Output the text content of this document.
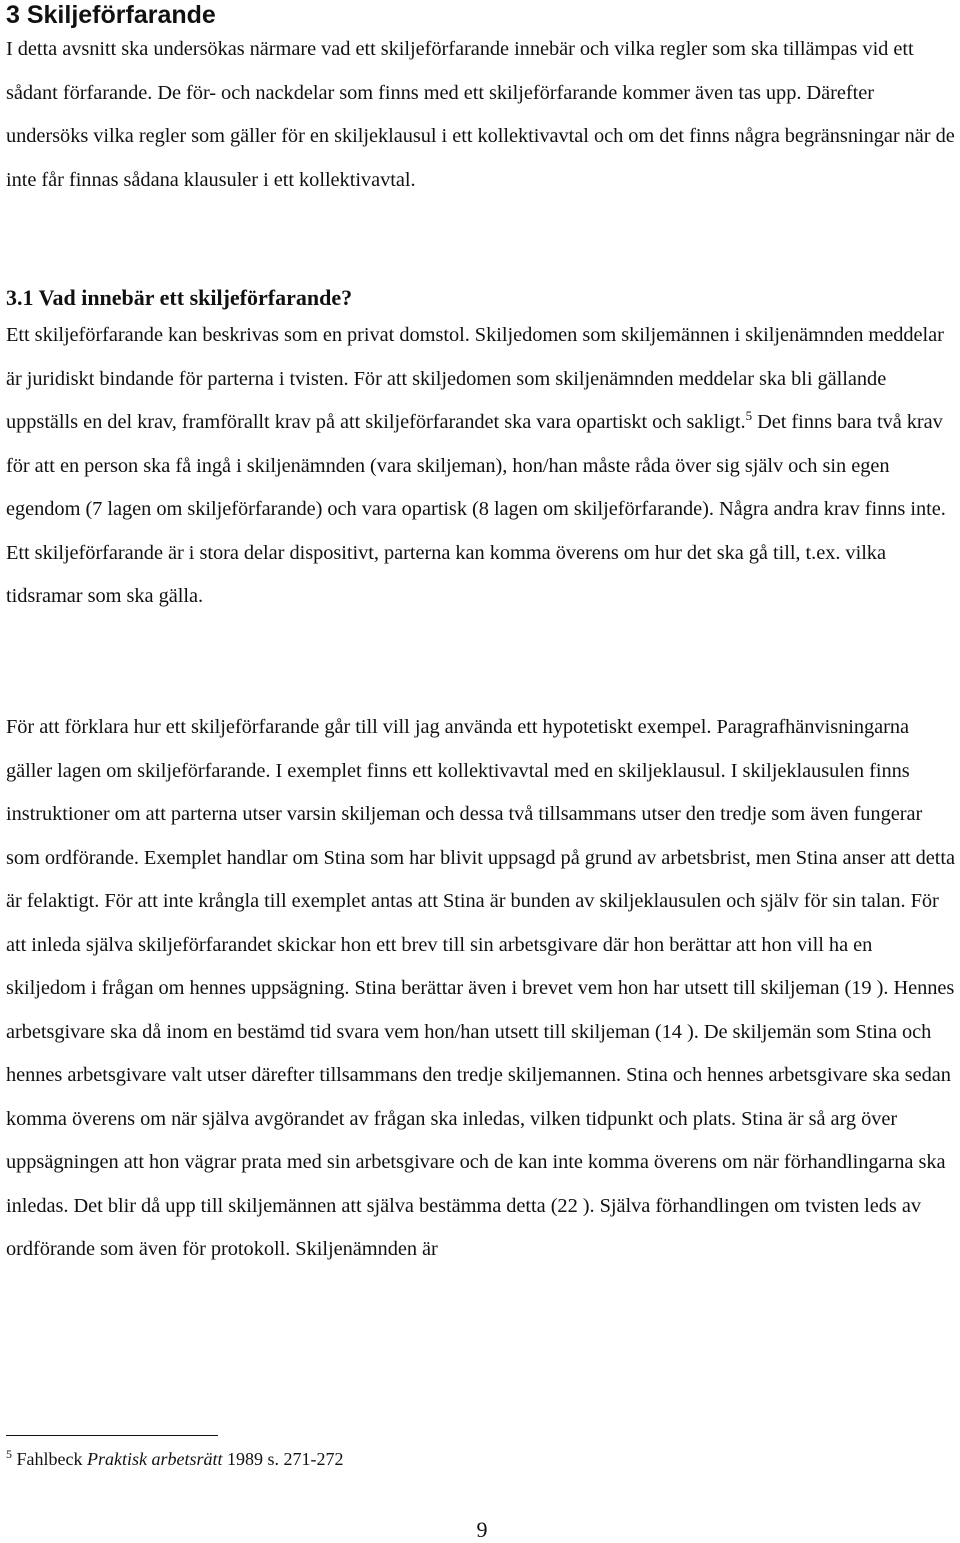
3 Skiljeförfarande

I detta avsnitt ska undersökas närmare vad ett skiljeförfarande innebär och vilka regler som ska tillämpas vid ett sådant förfarande. De för- och nackdelar som finns med ett skiljeförfarande kommer även tas upp. Därefter undersöks vilka regler som gäller för en skiljeklausul i ett kollektivavtal och om det finns några begränsningar när de inte får finnas sådana klausuler i ett kollektivavtal.

3.1 Vad innebär ett skiljeförfarande?

Ett skiljeförfarande kan beskrivas som en privat domstol. Skiljedomen som skiljemännen i skiljenämnden meddelar är juridiskt bindande för parterna i tvisten. För att skiljedomen som skiljenämnden meddelar ska bli gällande uppställs en del krav, framförallt krav på att skiljeförfarandet ska vara opartiskt och sakligt.$^5$ Det finns bara två krav för att en person ska få ingå i skiljenämnden (vara skiljeman), hon/han måste råda över sig själv och sin egen egendom (7 lagen om skiljeförfarande) och vara opartisk (8 lagen om skiljeförfarande). Några andra krav finns inte. Ett skiljeförfarande är i stora delar dispositivt, parterna kan komma överens om hur det ska gå till, t.ex. vilka tidsramar som ska gälla.

För att förklara hur ett skiljeförfarande går till vill jag använda ett hypotetiskt exempel. Paragrafhänvisningarna gäller lagen om skiljeförfarande. I exemplet finns ett kollektivavtal med en skiljeklausul. I skiljeklausulen finns instruktioner om att parterna utser varsin skiljeman och dessa två tillsammans utser den tredje som även fungerar som ordförande. Exemplet handlar om Stina som har blivit uppsagd på grund av arbetsbrist, men Stina anser att detta är felaktigt. För att inte krångla till exemplet antas att Stina är bunden av skiljeklausulen och själv för sin talan. För att inleda själva skiljeförfarandet skickar hon ett brev till sin arbetsgivare där hon berättar att hon vill ha en skiljedom i frågan om hennes uppsägning. Stina berättar även i brevet vem hon har utsett till skiljeman (19 ). Hennes arbetsgivare ska då inom en bestämd tid svara vem hon/han utsett till skiljeman (14 ). De skiljemän som Stina och hennes arbetsgivare valt utser därefter tillsammans den tredje skiljemannen. Stina och hennes arbetsgivare ska sedan komma överens om när själva avgörandet av frågan ska inledas, vilken tidpunkt och plats. Stina är så arg över uppsägningen att hon vägrar prata med sin arbetsgivare och de kan inte komma överens om när förhandlingarna ska inledas. Det blir då upp till skiljemännen att själva bestämma detta (22 ). Själva förhandlingen om tvisten leds av ordförande som även för protokoll. Skiljenämnden är

$^5$ Fahlbeck Praktisk arbetsrätt 1989 s. 271-272
9
